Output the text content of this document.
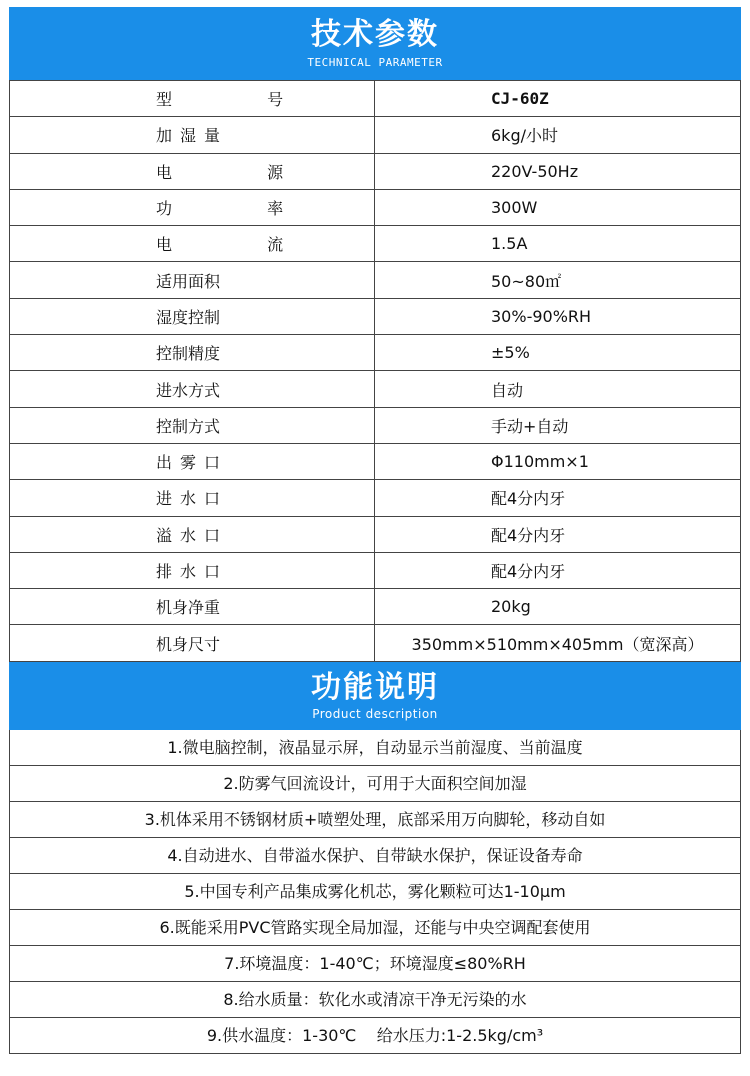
技术参数
TECHNICAL PARAMETER
型 号	CJ-60Z
加湿量	6kg/小时
电 源	220V-50Hz
功 率	300W
电 流	1.5A
适用面积	50~80㎡
湿度控制	30%-90%RH
控制精度	±5%
进水方式	自动
控制方式	手动+自动
出雾口	Φ110mm×1
进水口	配4分内牙
溢水口	配4分内牙
排水口	配4分内牙
机身净重	20kg
机身尺寸	350mm×510mm×405mm（宽深高）
功能说明
Product description
1.微电脑控制，液晶显示屏，自动显示当前湿度、当前温度
2.防雾气回流设计，可用于大面积空间加湿
3.机体采用不锈钢材质+喷塑处理，底部采用万向脚轮，移动自如
4.自动进水、自带溢水保护、自带缺水保护，保证设备寿命
5.中国专利产品集成雾化机芯，雾化颗粒可达1-10μm
6.既能采用PVC管路实现全局加湿，还能与中央空调配套使用
7.环境温度：1-40℃；环境湿度≤80%RH
8.给水质量：软化水或清凉干净无污染的水
9.供水温度：1-30℃    给水压力:1-2.5kg/cm³
